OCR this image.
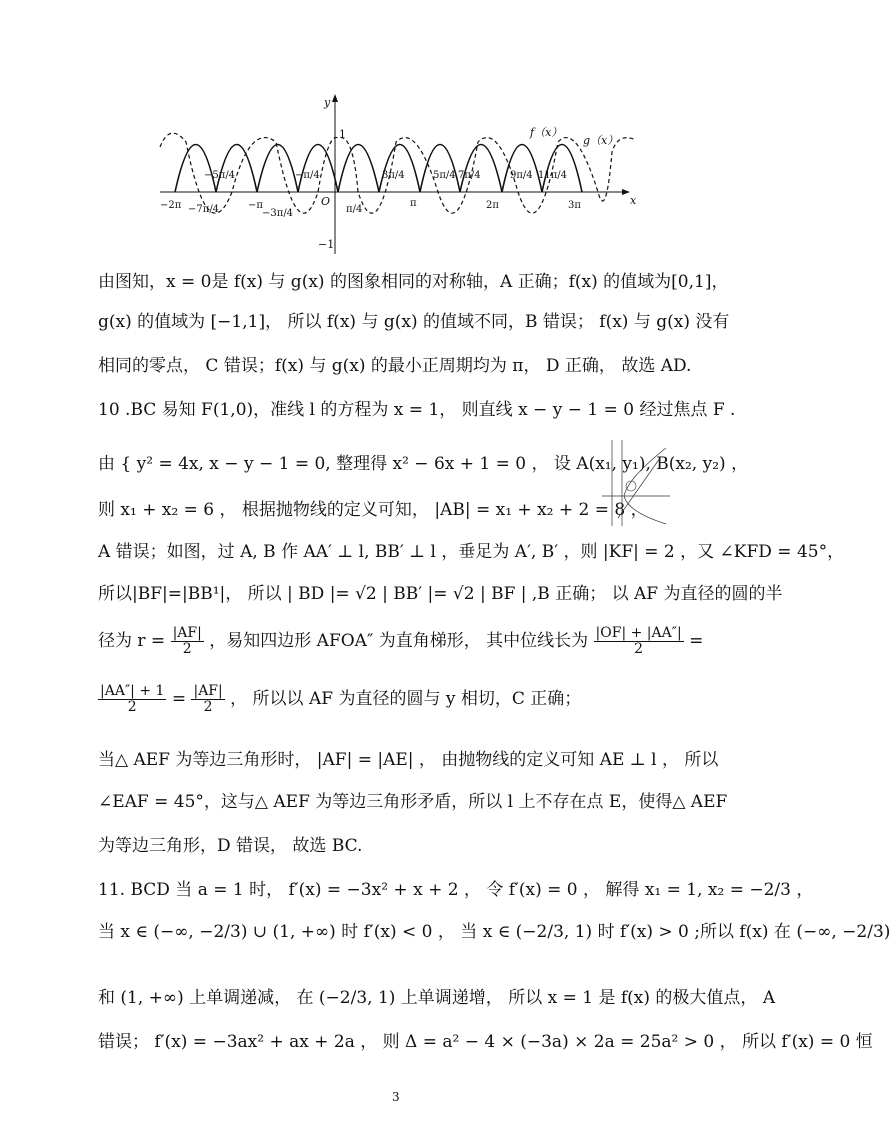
y
x
O
1
−1
f（x）
g（x）
−5π/4	−π/4	3π/4	5π/4 7π/4	9π/4 11π/4
−2π −7π/4	−π
−3π/4	π/4
π	2π	3π
由图知，x = 0是 f(x) 与 g(x) 的图象相同的对称轴，A 正确；f(x) 的值域为[0,1]，
g(x) 的值域为 [−1,1]， 所以 f(x) 与 g(x) 的值域不同，B 错误； f(x) 与 g(x) 没有
相同的零点， C 错误；f(x) 与 g(x) 的最小正周期均为 π， D 正确， 故选 AD.
10 .BC 易知 F(1,0)，准线 l 的方程为 x = 1， 则直线 x − y − 1 = 0 经过焦点 F .
由 { y² = 4x, x − y − 1 = 0, 整理得 x² − 6x + 1 = 0 ， 设 A(x₁, y₁), B(x₂, y₂) ，
则 x₁ + x₂ = 6 ， 根据抛物线的定义可知， |AB| = x₁ + x₂ + 2 = 8 ，
A 错误；如图，过 A, B 作 AA′ ⊥ l, BB′ ⊥ l ，垂足为 A′, B′ ，则 |KF| = 2 ，又 ∠KFD = 45°，
所以|BF|=|BB¹|， 所以 | BD |= √2 | BB′ |= √2 | BF | ,B 正确； 以 AF 为直径的圆的半
径为 $r = \frac{|AF|}{2}$ ，易知四边形 AFOA″ 为直角梯形， 其中位线长为 $\frac{|OF| + |AA''|}{2}$ =
$\frac{|AA''| + 1}{2} = \frac{|AF|}{2}$ ， 所以以 AF 为直径的圆与 y 相切，C 正确；
当△ AEF 为等边三角形时， |AF| = |AE| ， 由抛物线的定义可知 AE ⊥ l ， 所以
∠EAF = 45°，这与△ AEF 为等边三角形矛盾，所以 l 上不存在点 E，使得△ AEF
为等边三角形，D 错误， 故选 BC.
11. BCD 当 a = 1 时， f′(x) = −3x² + x + 2 ， 令 f′(x) = 0 ， 解得 x₁ = 1, x₂ = −2/3 ，
当 x ∈ (−∞, −2/3) ∪ (1, +∞) 时 f′(x) < 0 ， 当 x ∈ (−2/3, 1) 时 f′(x) > 0 ;所以 f(x) 在 (−∞, −2/3)
和 (1, +∞) 上单调递减， 在 (−2/3, 1) 上单调递增， 所以 x = 1 是 f(x) 的极大值点， A
错误； f′(x) = −3ax² + ax + 2a ， 则 Δ = a² − 4 × (−3a) × 2a = 25a² > 0 ， 所以 f′(x) = 0 恒
3
